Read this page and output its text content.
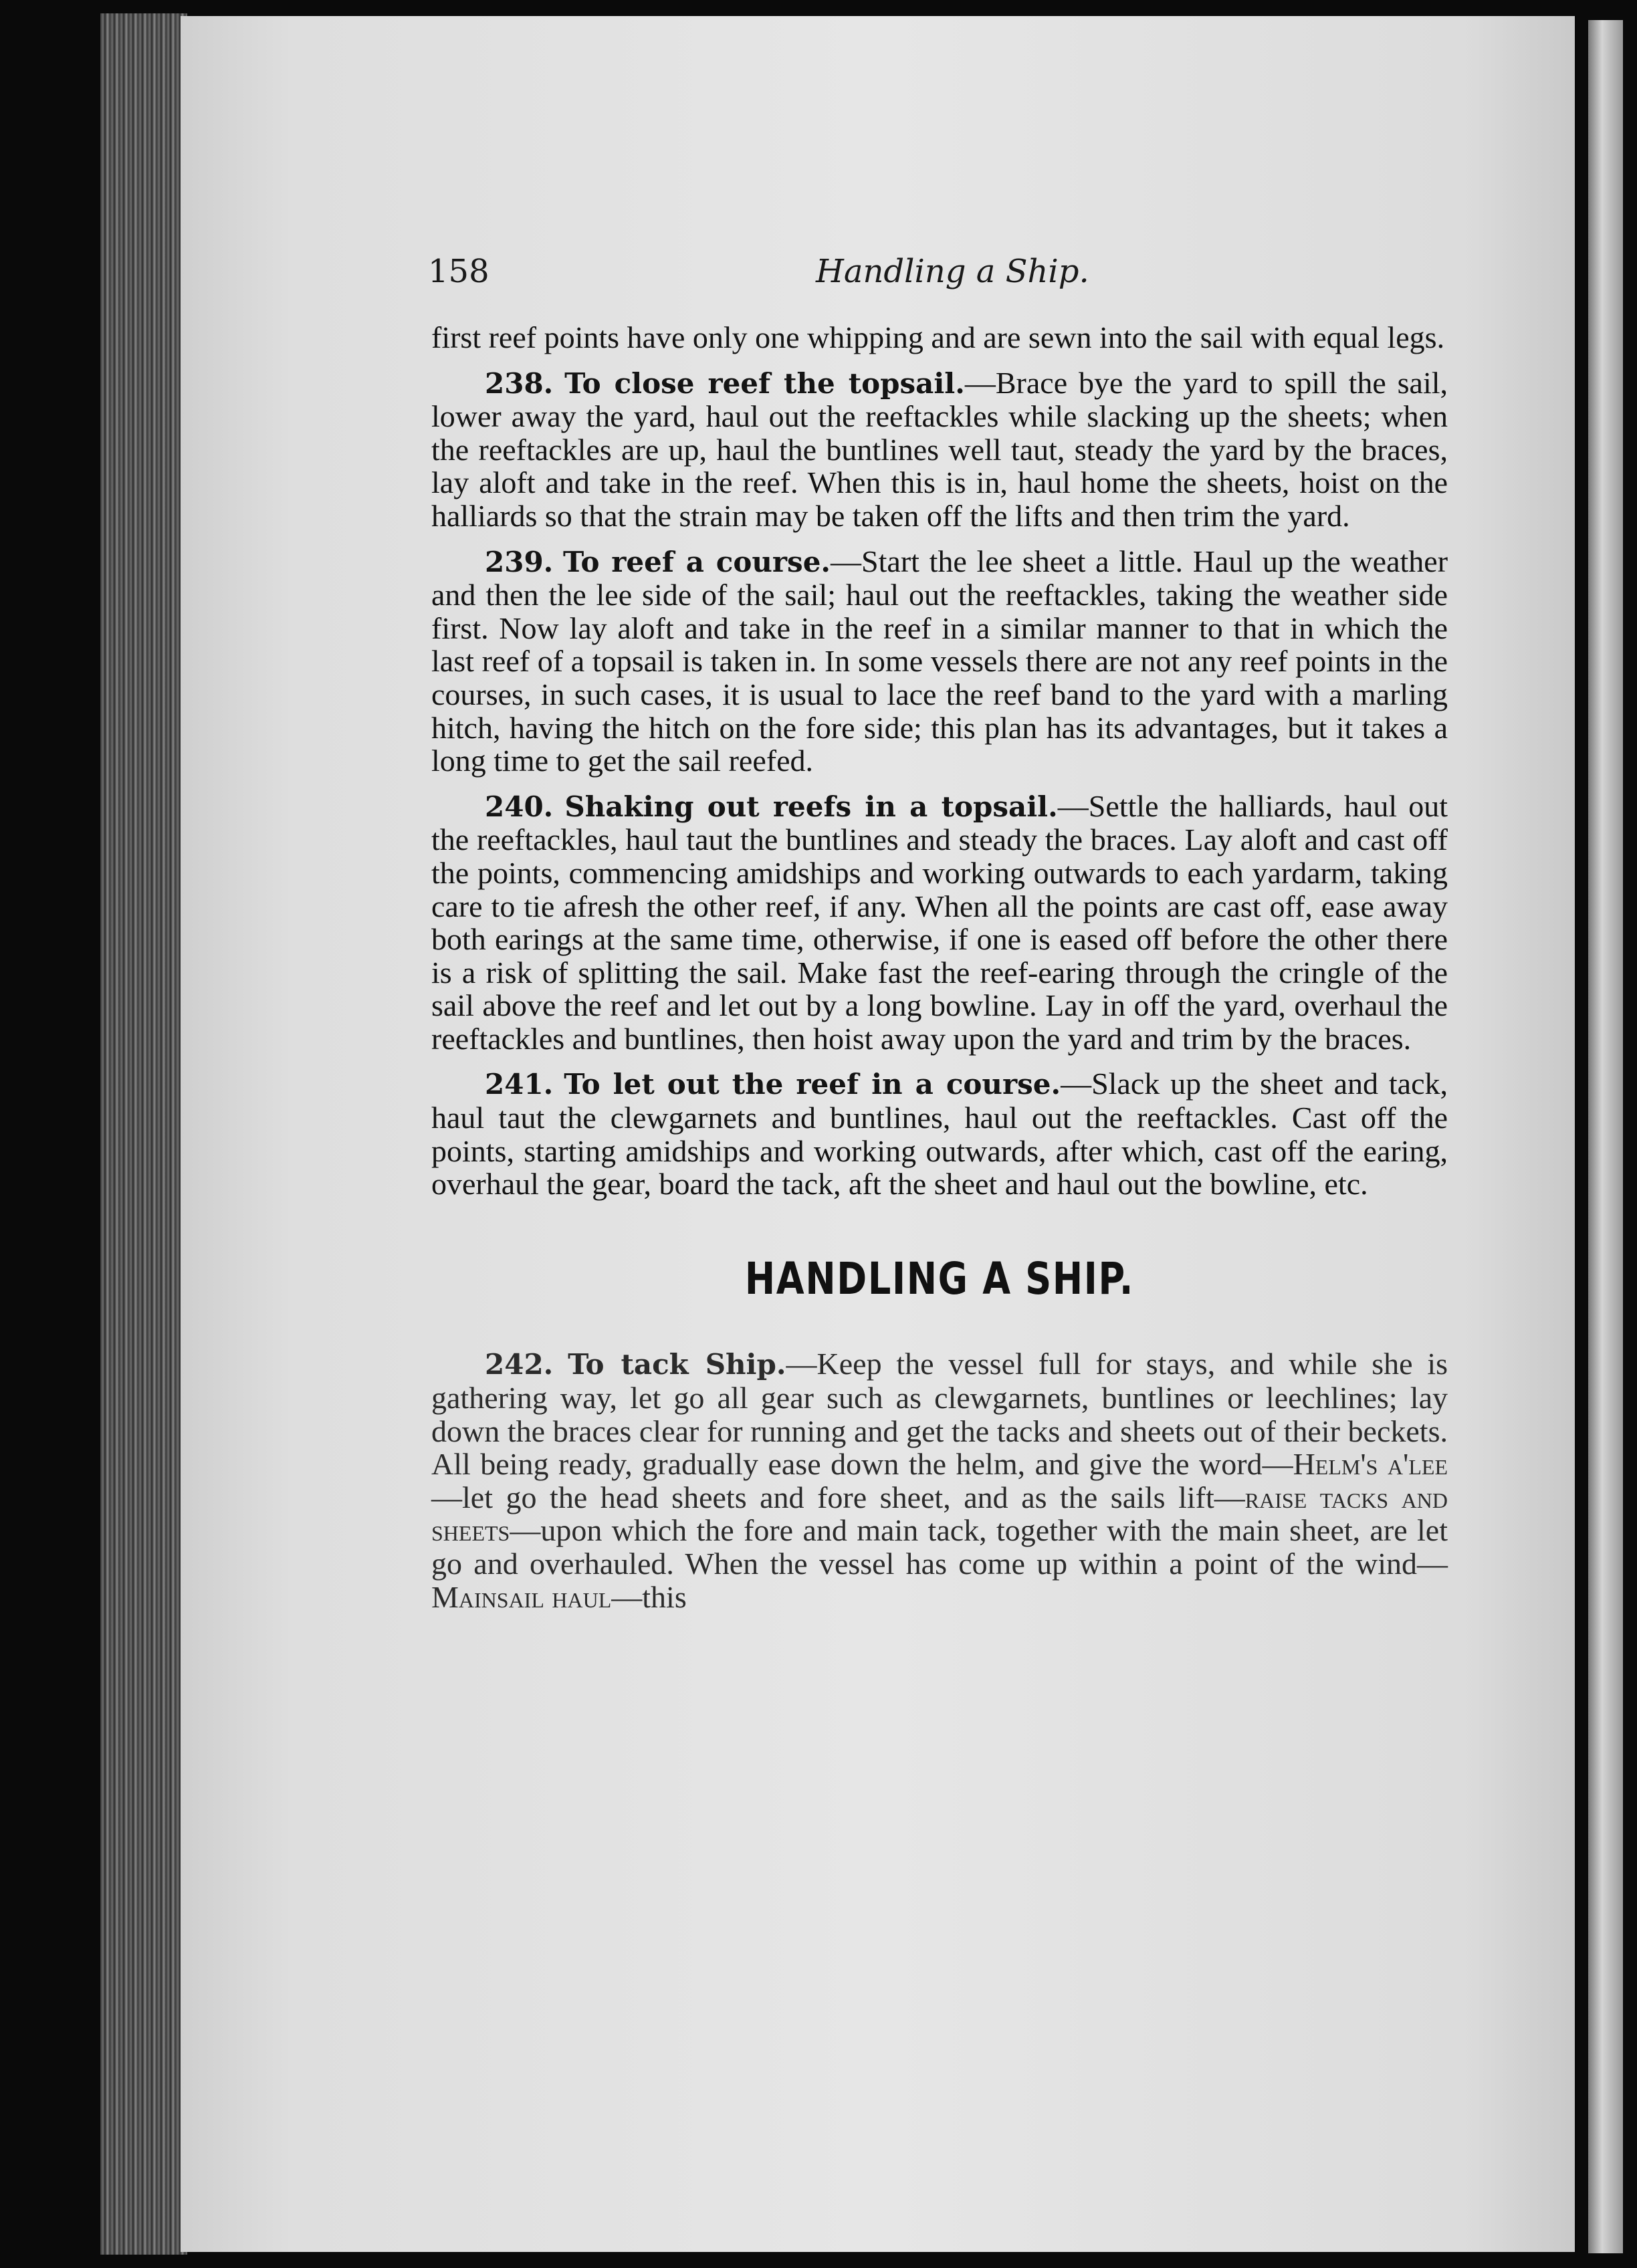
158	Handling a Ship.

first reef points have only one whipping and are sewn into the sail with equal legs.

238. To close reef the topsail.—Brace bye the yard to spill the sail, lower away the yard, haul out the reeftackles while slacking up the sheets; when the reeftackles are up, haul the buntlines well taut, steady the yard by the braces, lay aloft and take in the reef. When this is in, haul home the sheets, hoist on the halliards so that the strain may be taken off the lifts and then trim the yard.

239. To reef a course.—Start the lee sheet a little. Haul up the weather and then the lee side of the sail; haul out the reeftackles, taking the weather side first. Now lay aloft and take in the reef in a similar manner to that in which the last reef of a topsail is taken in. In some vessels there are not any reef points in the courses, in such cases, it is usual to lace the reef band to the yard with a marling hitch, having the hitch on the fore side; this plan has its advantages, but it takes a long time to get the sail reefed.

240. Shaking out reefs in a topsail.—Settle the halliards, haul out the reeftackles, haul taut the buntlines and steady the braces. Lay aloft and cast off the points, commencing amidships and working outwards to each yardarm, taking care to tie afresh the other reef, if any. When all the points are cast off, ease away both earings at the same time, otherwise, if one is eased off before the other there is a risk of splitting the sail. Make fast the reef-earing through the cringle of the sail above the reef and let out by a long bowline. Lay in off the yard, overhaul the reeftackles and buntlines, then hoist away upon the yard and trim by the braces.

241. To let out the reef in a course.—Slack up the sheet and tack, haul taut the clewgarnets and buntlines, haul out the reeftackles. Cast off the points, starting amidships and working outwards, after which, cast off the earing, overhaul the gear, board the tack, aft the sheet and haul out the bowline, etc.

HANDLING A SHIP.

242. To tack Ship.—Keep the vessel full for stays, and while she is gathering way, let go all gear such as clewgarnets, buntlines or leechlines; lay down the braces clear for running and get the tacks and sheets out of their beckets. All being ready, gradually ease down the helm, and give the word—Helm's a'lee—let go the head sheets and fore sheet, and as the sails lift—raise tacks and sheets—upon which the fore and main tack, together with the main sheet, are let go and overhauled. When the vessel has come up within a point of the wind—Mainsail haul—this
